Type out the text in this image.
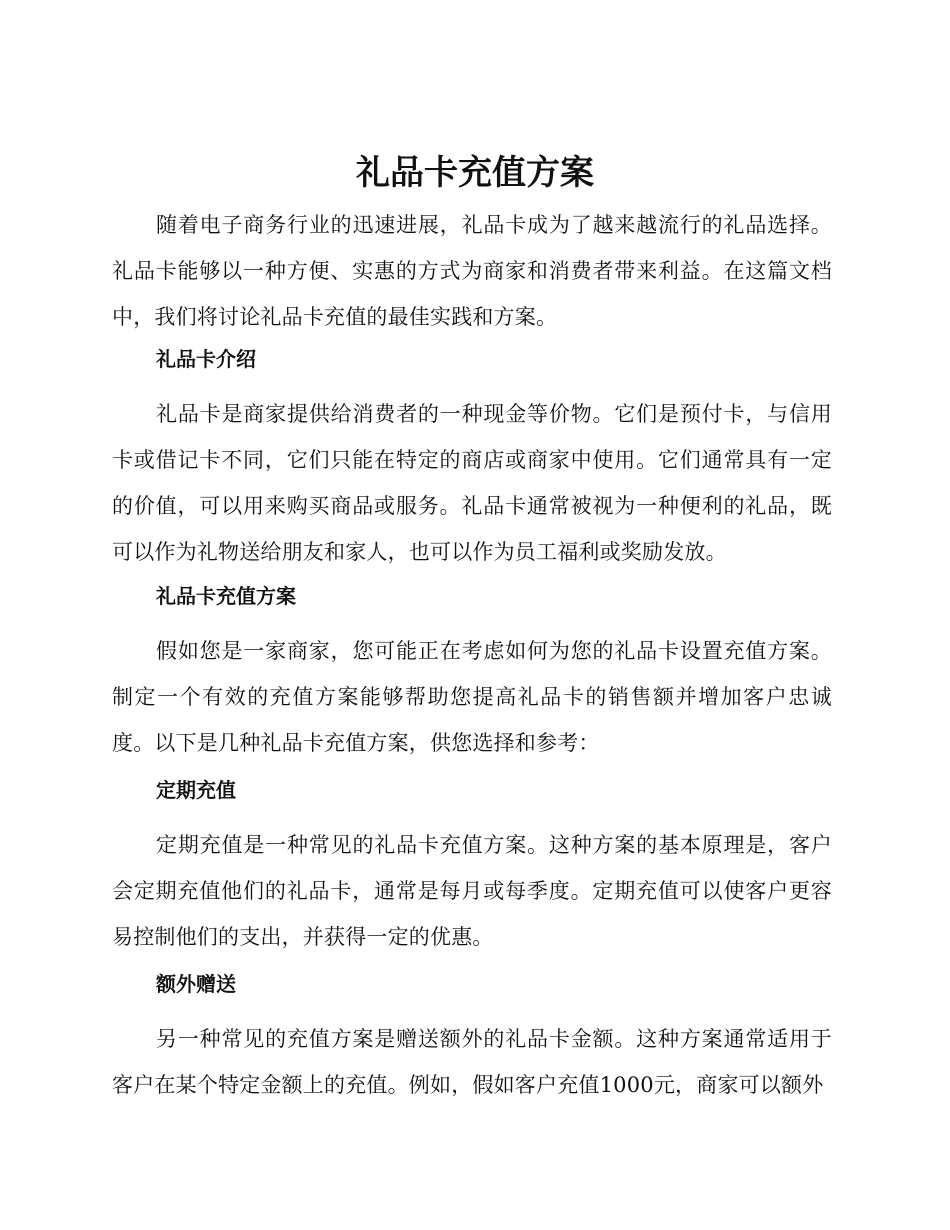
礼品卡充值方案

随着电子商务行业的迅速进展，礼品卡成为了越来越流行的礼品选择。礼品卡能够以一种方便、实惠的方式为商家和消费者带来利益。在这篇文档中，我们将讨论礼品卡充值的最佳实践和方案。

礼品卡介绍

礼品卡是商家提供给消费者的一种现金等价物。它们是预付卡，与信用卡或借记卡不同，它们只能在特定的商店或商家中使用。它们通常具有一定的价值，可以用来购买商品或服务。礼品卡通常被视为一种便利的礼品，既可以作为礼物送给朋友和家人，也可以作为员工福利或奖励发放。

礼品卡充值方案

假如您是一家商家，您可能正在考虑如何为您的礼品卡设置充值方案。制定一个有效的充值方案能够帮助您提高礼品卡的销售额并增加客户忠诚度。以下是几种礼品卡充值方案，供您选择和参考：

定期充值

定期充值是一种常见的礼品卡充值方案。这种方案的基本原理是，客户会定期充值他们的礼品卡，通常是每月或每季度。定期充值可以使客户更容易控制他们的支出，并获得一定的优惠。

额外赠送

另一种常见的充值方案是赠送额外的礼品卡金额。这种方案通常适用于客户在某个特定金额上的充值。例如，假如客户充值1000元，商家可以额外
